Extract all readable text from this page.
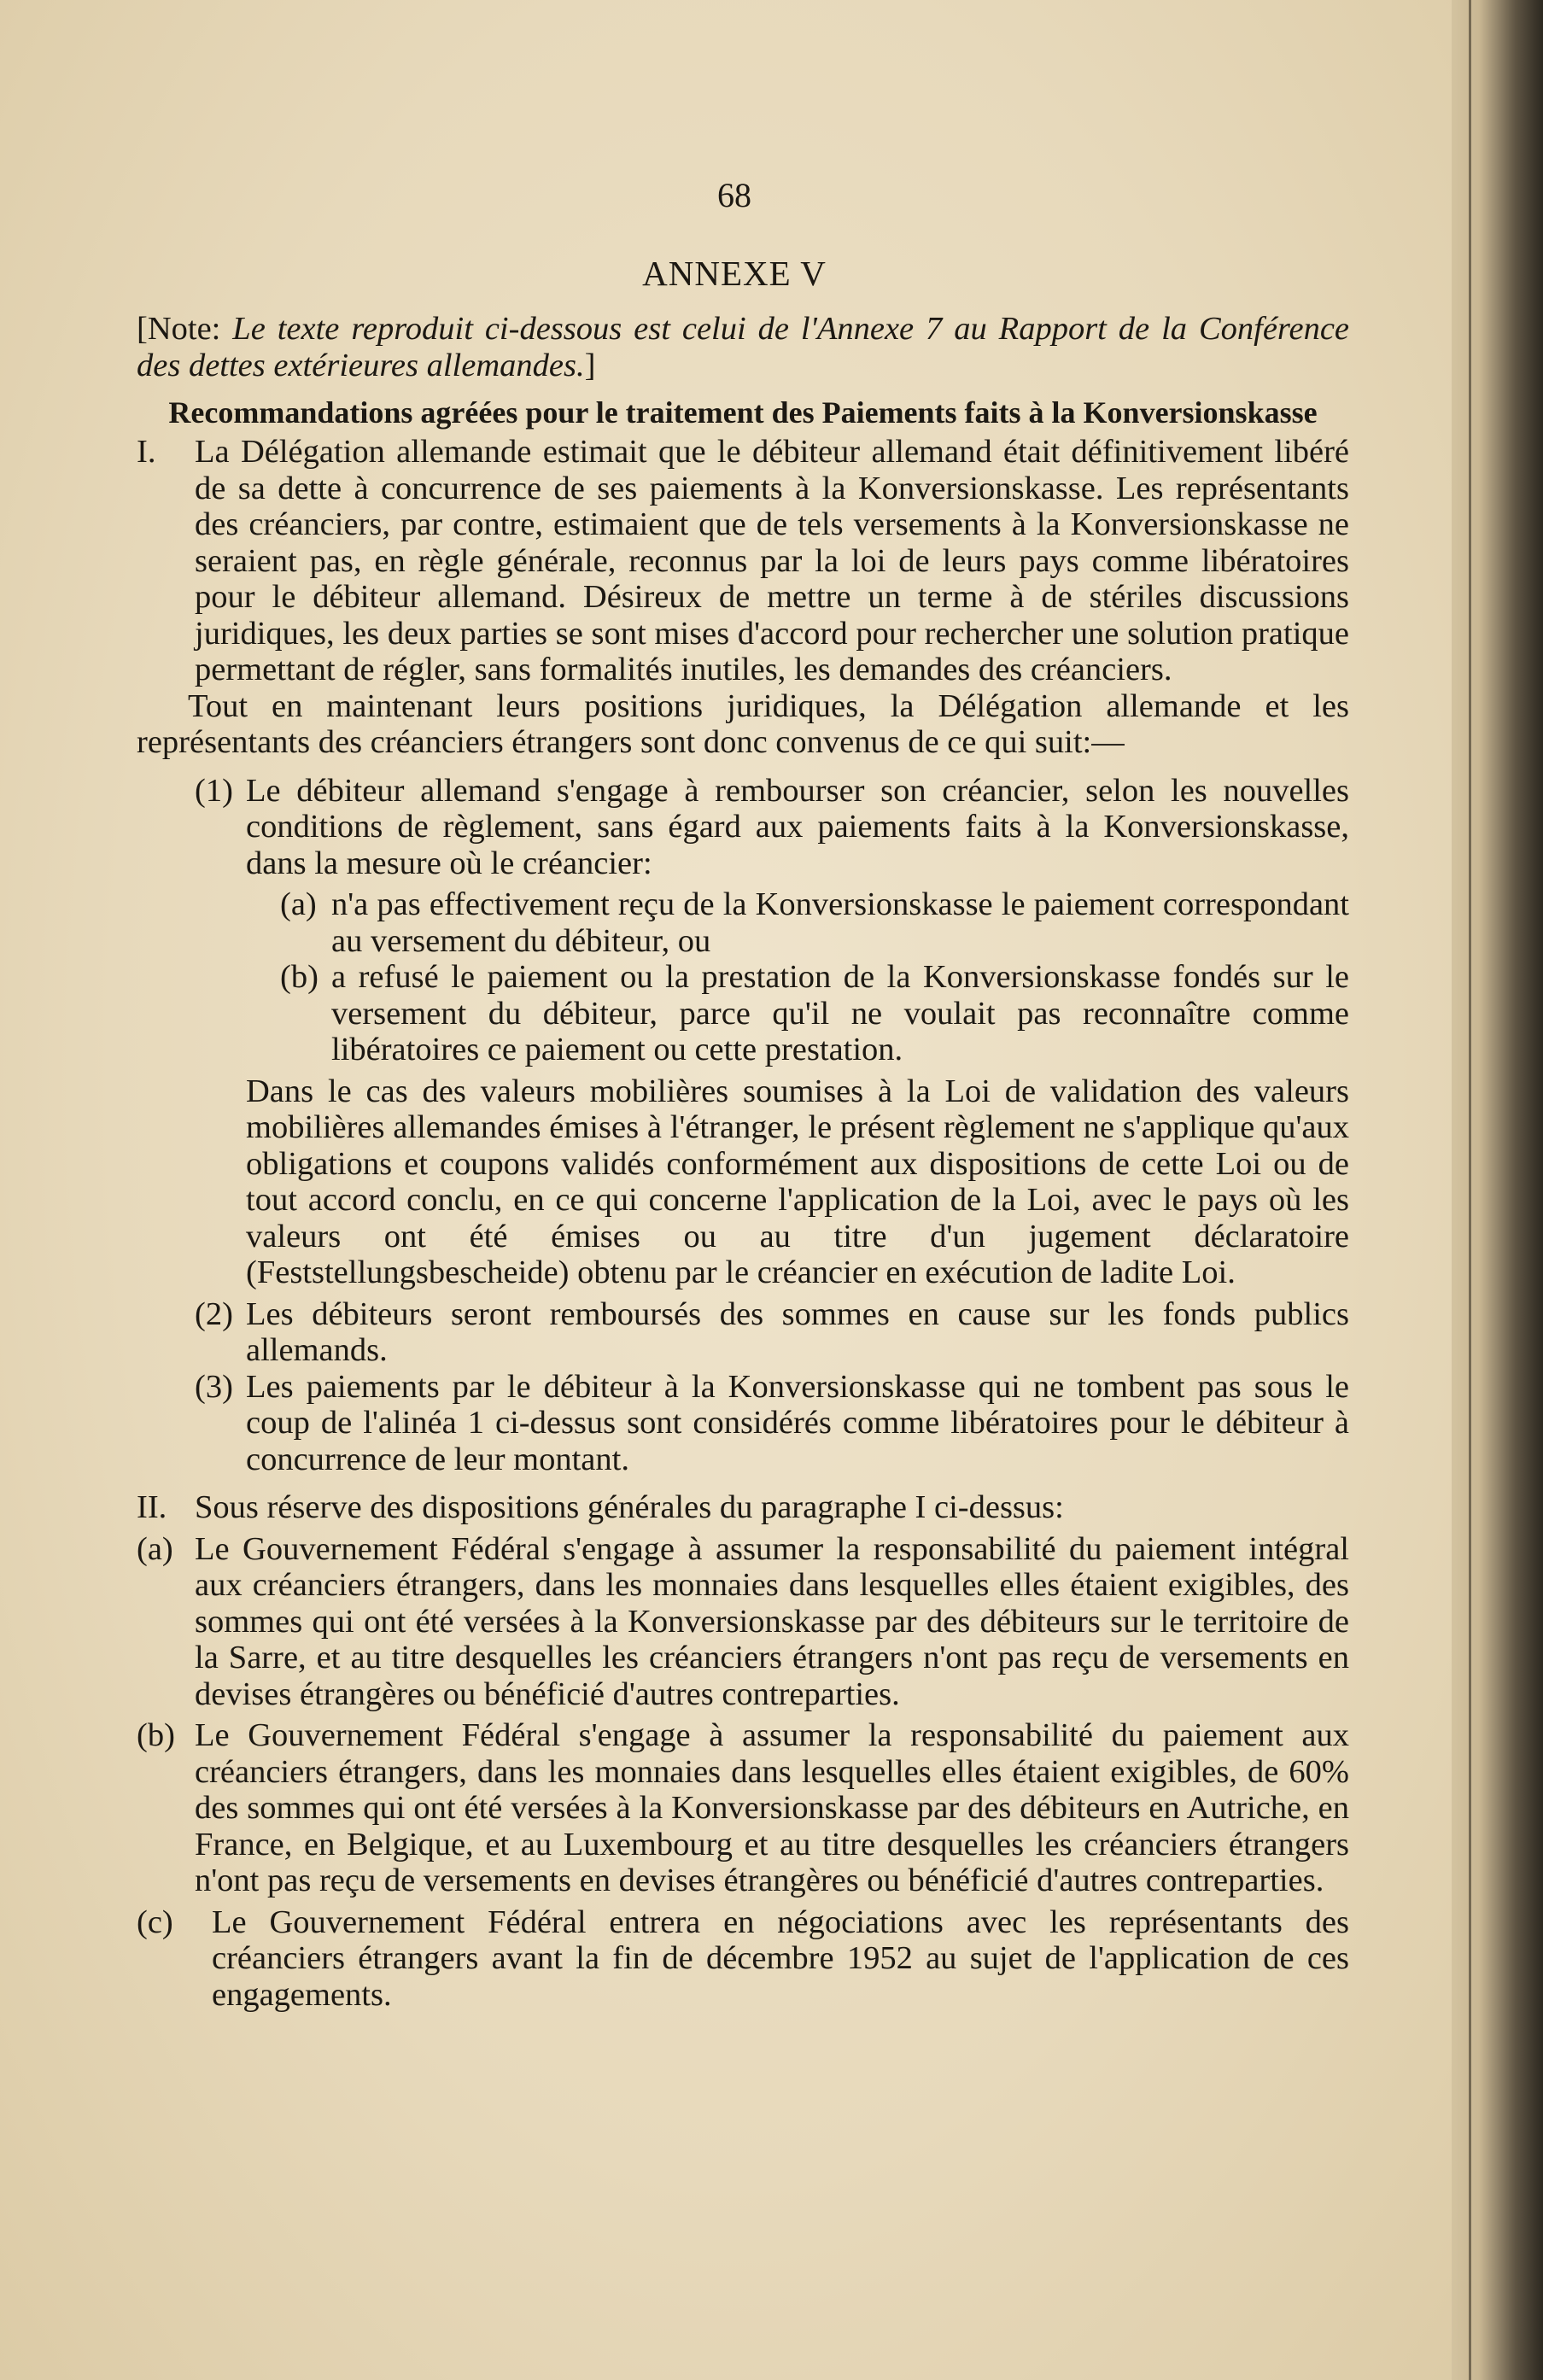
68
ANNEXE V

[Note: Le texte reproduit ci-dessous est celui de l'Annexe 7 au Rapport de la Conférence des dettes extérieures allemandes.]

Recommandations agréées pour le traitement des Paiements faits à la Konversionskasse

I. La Délégation allemande estimait que le débiteur allemand était définitivement libéré de sa dette à concurrence de ses paiements à la Konversionskasse. Les représentants des créanciers, par contre, estimaient que de tels versements à la Konversionskasse ne seraient pas, en règle générale, reconnus par la loi de leurs pays comme libératoires pour le débiteur allemand. Désireux de mettre un terme à de stériles discussions juridiques, les deux parties se sont mises d'accord pour rechercher une solution pratique permettant de régler, sans formalités inutiles, les demandes des créanciers.

Tout en maintenant leurs positions juridiques, la Délégation allemande et les représentants des créanciers étrangers sont donc convenus de ce qui suit:—

(1) Le débiteur allemand s'engage à rembourser son créancier, selon les nouvelles conditions de règlement, sans égard aux paiements faits à la Konversionskasse, dans la mesure où le créancier:

(a) n'a pas effectivement reçu de la Konversionskasse le paiement correspondant au versement du débiteur, ou

(b) a refusé le paiement ou la prestation de la Konversionskasse fondés sur le versement du débiteur, parce qu'il ne voulait pas reconnaître comme libératoires ce paiement ou cette prestation.

Dans le cas des valeurs mobilières soumises à la Loi de validation des valeurs mobilières allemandes émises à l'étranger, le présent règlement ne s'applique qu'aux obligations et coupons validés conformément aux dispositions de cette Loi ou de tout accord conclu, en ce qui concerne l'application de la Loi, avec le pays où les valeurs ont été émises ou au titre d'un jugement déclaratoire (Feststellungsbescheide) obtenu par le créancier en exécution de ladite Loi.

(2) Les débiteurs seront remboursés des sommes en cause sur les fonds publics allemands.

(3) Les paiements par le débiteur à la Konversionskasse qui ne tombent pas sous le coup de l'alinéa 1 ci-dessus sont considérés comme libératoires pour le débiteur à concurrence de leur montant.

II. Sous réserve des dispositions générales du paragraphe I ci-dessus:

(a) Le Gouvernement Fédéral s'engage à assumer la responsabilité du paiement intégral aux créanciers étrangers, dans les monnaies dans lesquelles elles étaient exigibles, des sommes qui ont été versées à la Konversionskasse par des débiteurs sur le territoire de la Sarre, et au titre desquelles les créanciers étrangers n'ont pas reçu de versements en devises étrangères ou bénéficié d'autres contreparties.

(b) Le Gouvernement Fédéral s'engage à assumer la responsabilité du paiement aux créanciers étrangers, dans les monnaies dans lesquelles elles étaient exigibles, de 60% des sommes qui ont été versées à la Konversionskasse par des débiteurs en Autriche, en France, en Belgique, et au Luxembourg et au titre desquelles les créanciers étrangers n'ont pas reçu de versements en devises étrangères ou bénéficié d'autres contreparties.

(c) Le Gouvernement Fédéral entrera en négociations avec les représentants des créanciers étrangers avant la fin de décembre 1952 au sujet de l'application de ces engagements.
